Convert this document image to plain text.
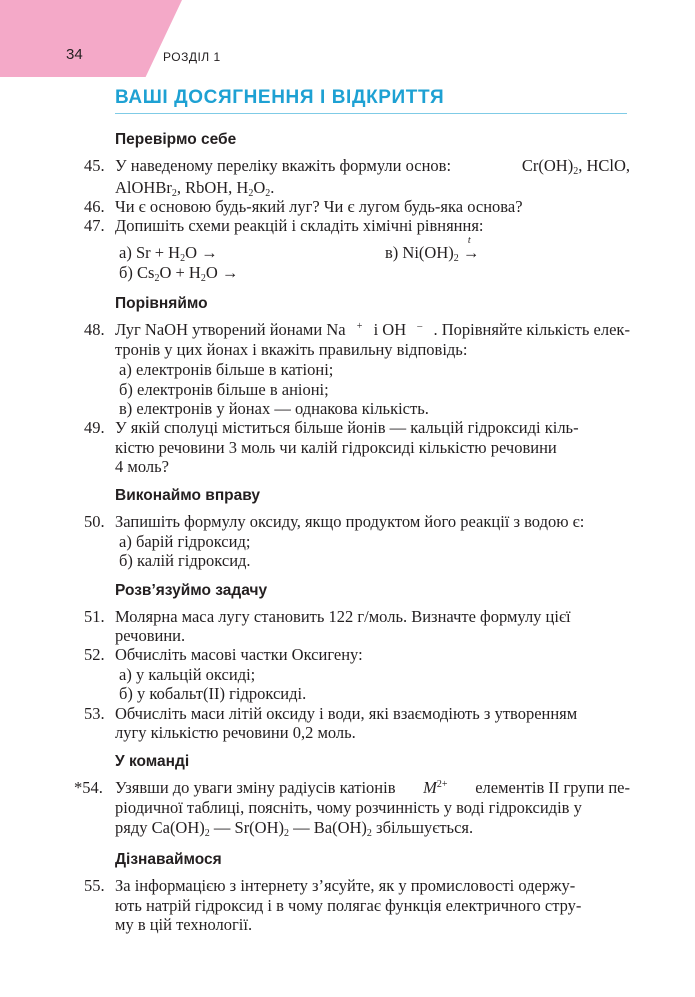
34	РОЗДІЛ 1
ВАШІ ДОСЯГНЕННЯ І ВІДКРИТТЯ
Перевірмо себе
45. У наведеному переліку вкажіть формули основ:	$Cr(OH)_2$, HClO,
AlOHBr$_2$, RbOH, $H_2O_2$.
46. Чи є основою будь-який луг? Чи є лугом будь-яка основа?
47. Допишіть схеми реакцій і складіть хімічні рівняння:
а) $Sr + H_2O$ →
б) $Cs_2O + H_2O$ →
в) $Ni(OH)_2$
t
→
Порівняймо
48. Луг NaOH утворений йонами Na + і OH – . Порівняйте кількість елек-
тронів у цих йонах і вкажіть правильну відповідь:
а) електронів більше в катіоні;
б) електронів більше в аніоні;
в) електронів у йонах — однакова кількість.
49. У якій сполуці міститься більше йонів — кальцій гідроксиді кіль-
кістю речовини 3 моль чи калій гідроксиді кількістю речовини
4 моль?
Виконаймо вправу
50. Запишіть формулу оксиду, якщо продуктом його реакції з водою є:
а) барій гідроксид;
б) калій гідроксид.
Розв’язуймо задачу
51. Молярна маса лугу становить 122 г/моль. Визначте формулу цієї
речовини.
52. Обчисліть масові частки Оксигену:
а) у кальцій оксиді;
б) у кобальт(ІІ) гідроксиді.
53. Обчисліть маси літій оксиду і води, які взаємодіють з утворенням
лугу кількістю речовини 0,2 моль.
У команді
*54. Узявши до уваги зміну радіусів катіонів $M^{2+}$ елементів ІІ групи пе-
ріодичної таблиці, поясніть, чому розчинність у воді гідроксидів у
ряду $Ca(OH)_2$ — $Sr(OH)_2$ — $Ba(OH)_2$ збільшується.
Дізнаваймося
55. За інформацією з інтернету з’ясуйте, як у промисловості одержу-
ють натрій гідроксид і в чому полягає функція електричного стру-
му в цій технології.
